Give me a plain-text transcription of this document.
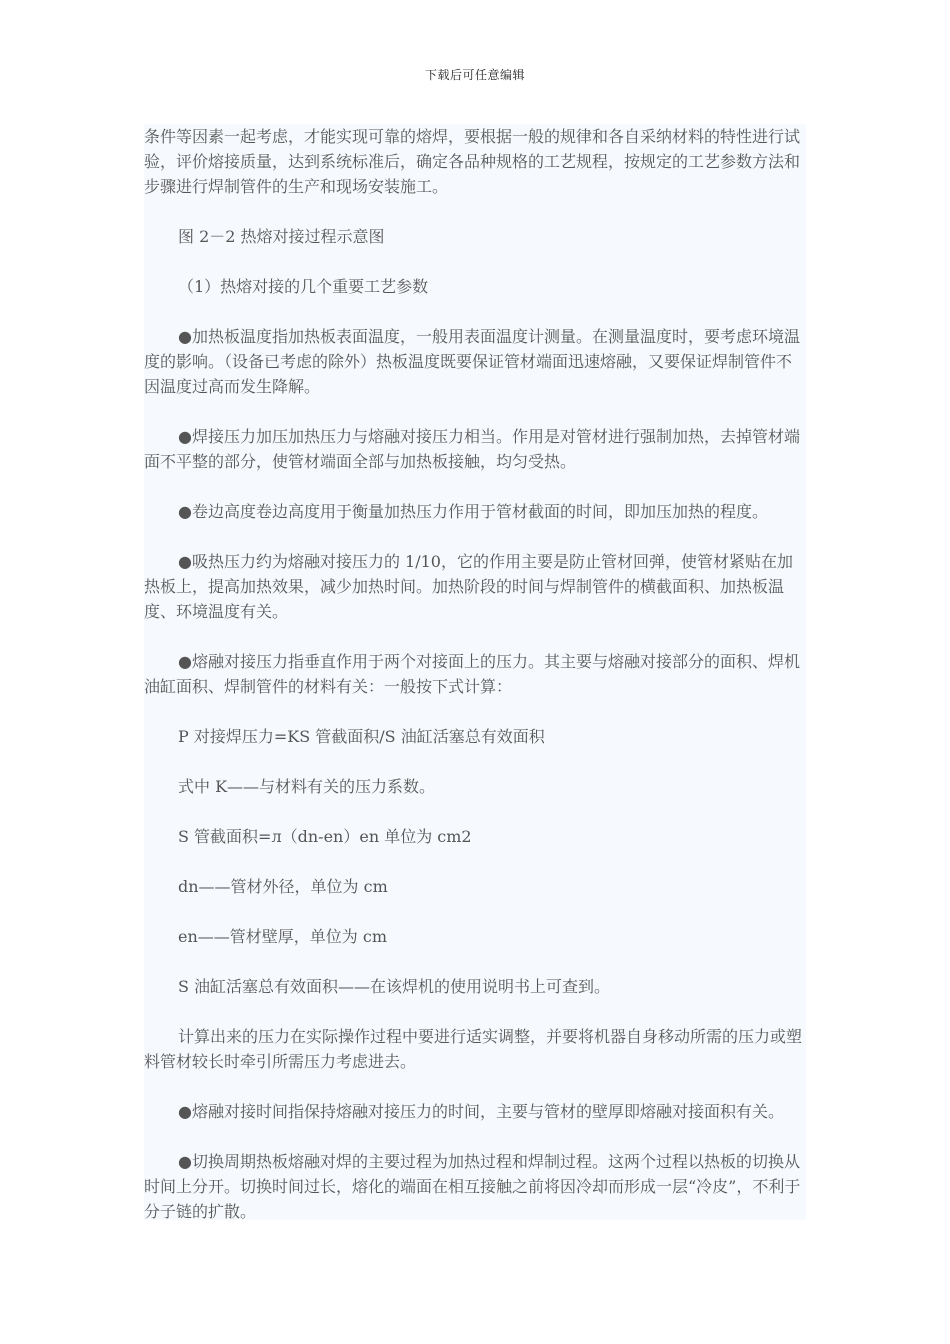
下载后可任意编辑

条件等因素一起考虑，才能实现可靠的熔焊，要根据一般的规律和各自采纳材料的特性进行试验，评价熔接质量，达到系统标准后，确定各品种规格的工艺规程，按规定的工艺参数方法和步骤进行焊制管件的生产和现场安装施工。

图 2－2 热熔对接过程示意图

（1）热熔对接的几个重要工艺参数

●加热板温度指加热板表面温度，一般用表面温度计测量。在测量温度时，要考虑环境温度的影响。（设备已考虑的除外）热板温度既要保证管材端面迅速熔融，又要保证焊制管件不因温度过高而发生降解。

●焊接压力加压加热压力与熔融对接压力相当。作用是对管材进行强制加热，去掉管材端面不平整的部分，使管材端面全部与加热板接触，均匀受热。

●卷边高度卷边高度用于衡量加热压力作用于管材截面的时间，即加压加热的程度。

●吸热压力约为熔融对接压力的 1/10，它的作用主要是防止管材回弹，使管材紧贴在加热板上，提高加热效果，减少加热时间。加热阶段的时间与焊制管件的横截面积、加热板温度、环境温度有关。

●熔融对接压力指垂直作用于两个对接面上的压力。其主要与熔融对接部分的面积、焊机油缸面积、焊制管件的材料有关：一般按下式计算：

P 对接焊压力=KS 管截面积/S 油缸活塞总有效面积

式中 K——与材料有关的压力系数。

S 管截面积=л（dn-en）en 单位为 cm2

dn——管材外径，单位为 cm

en——管材壁厚，单位为 cm

S 油缸活塞总有效面积——在该焊机的使用说明书上可查到。

计算出来的压力在实际操作过程中要进行适实调整，并要将机器自身移动所需的压力或塑料管材较长时牵引所需压力考虑进去。

●熔融对接时间指保持熔融对接压力的时间，主要与管材的壁厚即熔融对接面积有关。

●切换周期热板熔融对焊的主要过程为加热过程和焊制过程。这两个过程以热板的切换从时间上分开。切换时间过长，熔化的端面在相互接触之前将因冷却而形成一层“冷皮”，不利于分子链的扩散。
